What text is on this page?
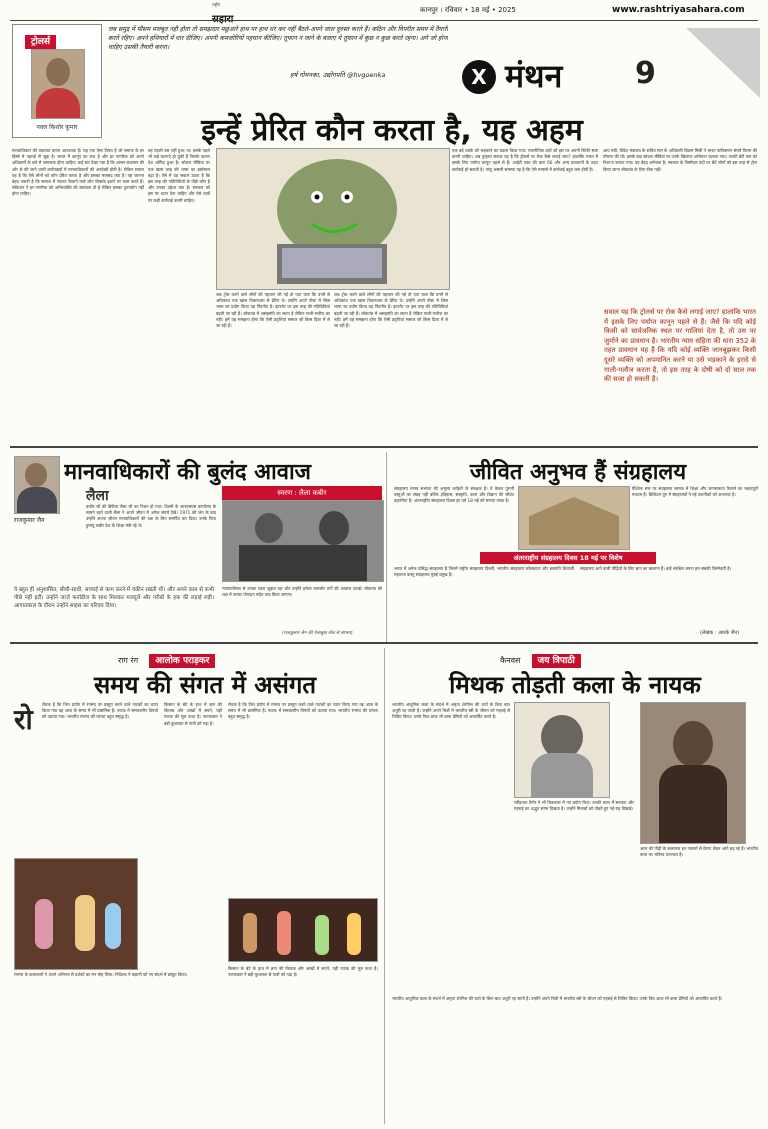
राष्ट्रीय
कानपुर । रविवार • 18 मई • 2025	www.rashtriyasahara.com
ट्रोलर्स
नवल किशोर कुमार
जब समुद्र में मौसम मजबूत नहीं होता तो समझदार मछुआरे हाथ पर हाथ धर कर नहीं बैठते-अपने जाल दुरुस्त करते हैं। कठिन और विपरीत समय में तैयारी करते रहिए। अपने हथियारों में धार दीजिए। अपनी कमजोरियों पहचान कीजिए। तूफान न जाने के बजाए ये तूफान में कुछ न कुछ करते रहना। अगे जो होना चाहिए उसकी तैयारी करना।
हर्ष गोयनका, उद्योगपति @hvgoenka	X मंथन 9
इन्हें प्रेरित कौन करता है, यह अहम
मानवाधिकार की वकालत करना आवश्यक है। यह एक ऐसा विषय है जो समाज के हर हिस्से में गहराई से जुड़ा है। भारत में कानून का राज है और हर नागरिक को अपने अधिकारों के बारे में जागरूक होना चाहिए। कई बार देखा गया है कि शासन-प्रशासन की ओर से की जाने वाली कार्रवाइयों में मानवाधिकारों की अनदेखी होती है। लेकिन सवाल यह है कि ऐसे लोगों को कौन प्रेरित करता है और इसका मकसद क्या है। यह जानना बेहद जरूरी है कि समाज में नफरत फैलाने वाले लोग किसके इशारे पर काम करते हैं। संविधान ने हर नागरिक को अभिव्यक्ति की स्वतंत्रता दी है लेकिन इसका दुरुपयोग नहीं होना चाहिए।
यह पहली बार नहीं हुआ था। इसके पहले भी कई घटनाएं हो चुकी हैं जिनके कारण देश शर्मिंदा हुआ है। सोशल मीडिया पर एक खास तरह की भाषा का इस्तेमाल बढ़ा है। ऐसे में यह सवाल उठता है कि इस तरह की गतिविधियों के पीछे कौन है और उनका उद्देश्य क्या है। सरकार को इस पर ध्यान देना चाहिए और ऐसे तत्वों पर कड़ी कार्रवाई करनी चाहिए।
जब ट्रोल करने वाले लोगों की पहचान की गई तो पता चला कि उनमें से अधिकांश एक खास विचारधारा से प्रेरित थे। उन्होंने अपने पोस्ट में जिस भाषा का प्रयोग किया वह निंदनीय है। इंटरनेट पर इस तरह की गतिविधियां बढ़ती जा रही हैं। लोकतंत्र में असहमति का स्थान है लेकिन गाली-गलौज का नहीं। हमें यह समझना होगा कि ऐसी प्रवृत्तियां समाज को किस दिशा में ले जा रही हैं।
जब ट्रोल करने वाले लोगों की पहचान की गई तो पता चला कि उनमें से अधिकांश एक खास विचारधारा से प्रेरित थे। उन्होंने अपने पोस्ट में जिस भाषा का प्रयोग किया वह निंदनीय है। इंटरनेट पर इस तरह की गतिविधियां बढ़ती जा रही हैं। लोकतंत्र में असहमति का स्थान है लेकिन गाली-गलौज का नहीं। हमें यह समझना होगा कि ऐसी प्रवृत्तियां समाज को किस दिशा में ले जा रही हैं।
एक बड़े तबके को भड़काने का प्रयास किया गया। राजनीतिक दलों को इस पर अपनी स्थिति स्पष्ट करनी चाहिए। अब तुम्हारा सवाल यह है कि ट्रोलर्स पर रोक कैसे लगाई जाए? हालांकि भारत में इसके लिए पर्याप्त कानून पहले से हैं। आईटी एक्ट की धारा 66 और अन्य प्रावधानों के तहत कार्रवाई हो सकती है। परंतु असली समस्या यह है कि ऐसे मामलों में कार्रवाई बहुत कम होती है।
आप मंत्री, विदेश मंत्रालय के सचिव स्तर के अधिकारी विक्रम मिस्री ने भारत पाकिस्तान संघर्ष विराम की घोषणा की थी। इसके बाद सोशल मीडिया पर उनके खिलाफ अभियान चलाया गया। उनकी बेटी तक को निशाना बनाया गया। यह बेहद शर्मनाक है। सरकार के जिम्मेदार पदों पर बैठे लोगों को इस तरह से ट्रोल किया जाना लोकतंत्र के लिए ठीक नहीं।
सवाल यह कि ट्रोलर्स पर रोक कैसे लगाई जाए? हालांकि भारत में इसके लिए पर्याप्त कानून पहले से हैं। जैसे कि यदि कोई किसी को सार्वजनिक स्थल पर गालियां देता है, तो उस पर जुर्माने का प्रावधान है। भारतीय न्याय संहिता की धारा 352 के तहत प्रावधान यह है कि यदि कोई व्यक्ति जानबूझकर किसी दूसरे व्यक्ति को अपमानित करने या उसे भड़काने के इरादे से गाली-गलौज करता है, तो इस तरह के दोषी को दो साल तक की सजा हो सकती है।
मानवाधिकारों की बुलंद आवाज
राजकुमार जैन
लैला
कबीर जी की बिटिया लैला जी का निधन हो गया। दिल्ली के आरएसएस कार्यालय के सामने रहने वाली लैला ने अपने जीवन में अनेक संघर्ष देखे। 1971 की जंग के बाद उन्होंने अपना जीवन मानवाधिकारों की रक्षा के लिए समर्पित कर दिया। उनके पिता हुमायूं कबीर देश के शिक्षा मंत्री रहे थे।
स्मरण : लैला कबीर
ये बहुत ही अनुशासित, सीधी-साधी, सच्चाई से काम करने में यकीन रखती थीं। और अपने काम से कभी पीछे नहीं हटीं। उन्होंने जार्ज फर्नांडीज के साथ मिलकर मजदूरों और गरीबों के हक की लड़ाई लड़ी। आपातकाल के दौरान उन्होंने साहस का परिचय दिया।
न्यायपालिका से उनका गहरा जुड़ाव रहा और उन्होंने हमेशा कमजोर वर्गों की आवाज उठाई। लोकतंत्र की रक्षा में उनका योगदान सदैव याद किया जाएगा।
(राजकुमार जैन की फेसबुक वॉल से साभार)
जीवित अनुभव हैं संग्रहालय
संग्रहालय मानव सभ्यता की अमूल्य धरोहरों के संरक्षक हैं। वे केवल पुरानी वस्तुओं का संग्रह नहीं बल्कि इतिहास, संस्कृति, कला और विज्ञान की जीवंत कहानियां हैं। अंतरराष्ट्रीय संग्रहालय दिवस हर वर्ष 18 मई को मनाया जाता है।
वैश्विक स्तर पर संग्रहालय समाज में शिक्षा और जागरूकता फैलाने का महत्वपूर्ण माध्यम हैं। डिजिटल युग में संग्रहालयों ने नई तकनीकों को अपनाया है।
अंतरराष्ट्रीय संग्रहालय दिवस 18 मई पर विशेष
भारत में अनेक प्रसिद्ध संग्रहालय हैं जिनमें राष्ट्रीय संग्रहालय दिल्ली, भारतीय संग्रहालय कोलकाता और छत्रपति शिवाजी महाराज वास्तु संग्रहालय मुंबई प्रमुख हैं।
संग्रहालय आने वाली पीढ़ियों के लिए ज्ञान का खजाना हैं। इन्हें संरक्षित करना हम सबकी जिम्मेदारी है।
(लेखक : आरके जैन)
राग रंग आलोक पराड़कर
समय की संगत में असंगत
रो रोचक है कि जिन प्रयोग में रंगमंच पर प्रस्तुत करने वाले नाटकों का चयन किया गया वह आज के समय में भी प्रासंगिक हैं। नाटक में समकालीन विषयों को उठाया गया। भारतीय रंगमंच की परंपरा बहुत समृद्ध है।
किसान के बेटे के हाथ में ज्ञान की किताब और आंखों में सपने, यही नाटक की मूल कथा है। नाटककार ने बड़ी कुशलता से पात्रों को गढ़ा है।
रंगमंच के कलाकारों ने अपने अभिनय से दर्शकों का मन मोह लिया। निर्देशक ने कहानी को नए संदर्भ में प्रस्तुत किया।
रोचक है कि जिन प्रयोग में रंगमंच पर प्रस्तुत करने वाले नाटकों का चयन किया गया वह आज के समय में भी प्रासंगिक हैं। नाटक में समकालीन विषयों को उठाया गया। भारतीय रंगमंच की परंपरा बहुत समृद्ध है।
किसान के बेटे के हाथ में ज्ञान की किताब और आंखों में सपने, यही नाटक की मूल कथा है। नाटककार ने बड़ी कुशलता से पात्रों को गढ़ा है।
कैनवस जय त्रिपाठी
मिथक तोड़ती कला के नायक
भारतीय आधुनिक कला के संदर्भ में अमृता शेरगिल की चर्चा के बिना बात अधूरी रह जाती है। उन्होंने अपने चित्रों में भारतीय स्त्री के जीवन को गहराई से चित्रित किया। उनके चित्र आज भी कला प्रेमियों को आकर्षित करते हैं।
रवींद्रनाथ टैगोर ने भी चित्रकला में नए प्रयोग किए। उनकी कला में सरलता और गहराई का अद्भुत संगम दिखता है। उन्होंने मिथकों को तोड़ते हुए नई राह दिखाई।
आज की पीढ़ी के कलाकार इन नायकों से प्रेरणा लेकर आगे बढ़ रहे हैं। भारतीय कला का भविष्य उज्ज्वल है।
भारतीय आधुनिक कला के संदर्भ में अमृता शेरगिल की चर्चा के बिना बात अधूरी रह जाती है। उन्होंने अपने चित्रों में भारतीय स्त्री के जीवन को गहराई से चित्रित किया। उनके चित्र आज भी कला प्रेमियों को आकर्षित करते हैं।
